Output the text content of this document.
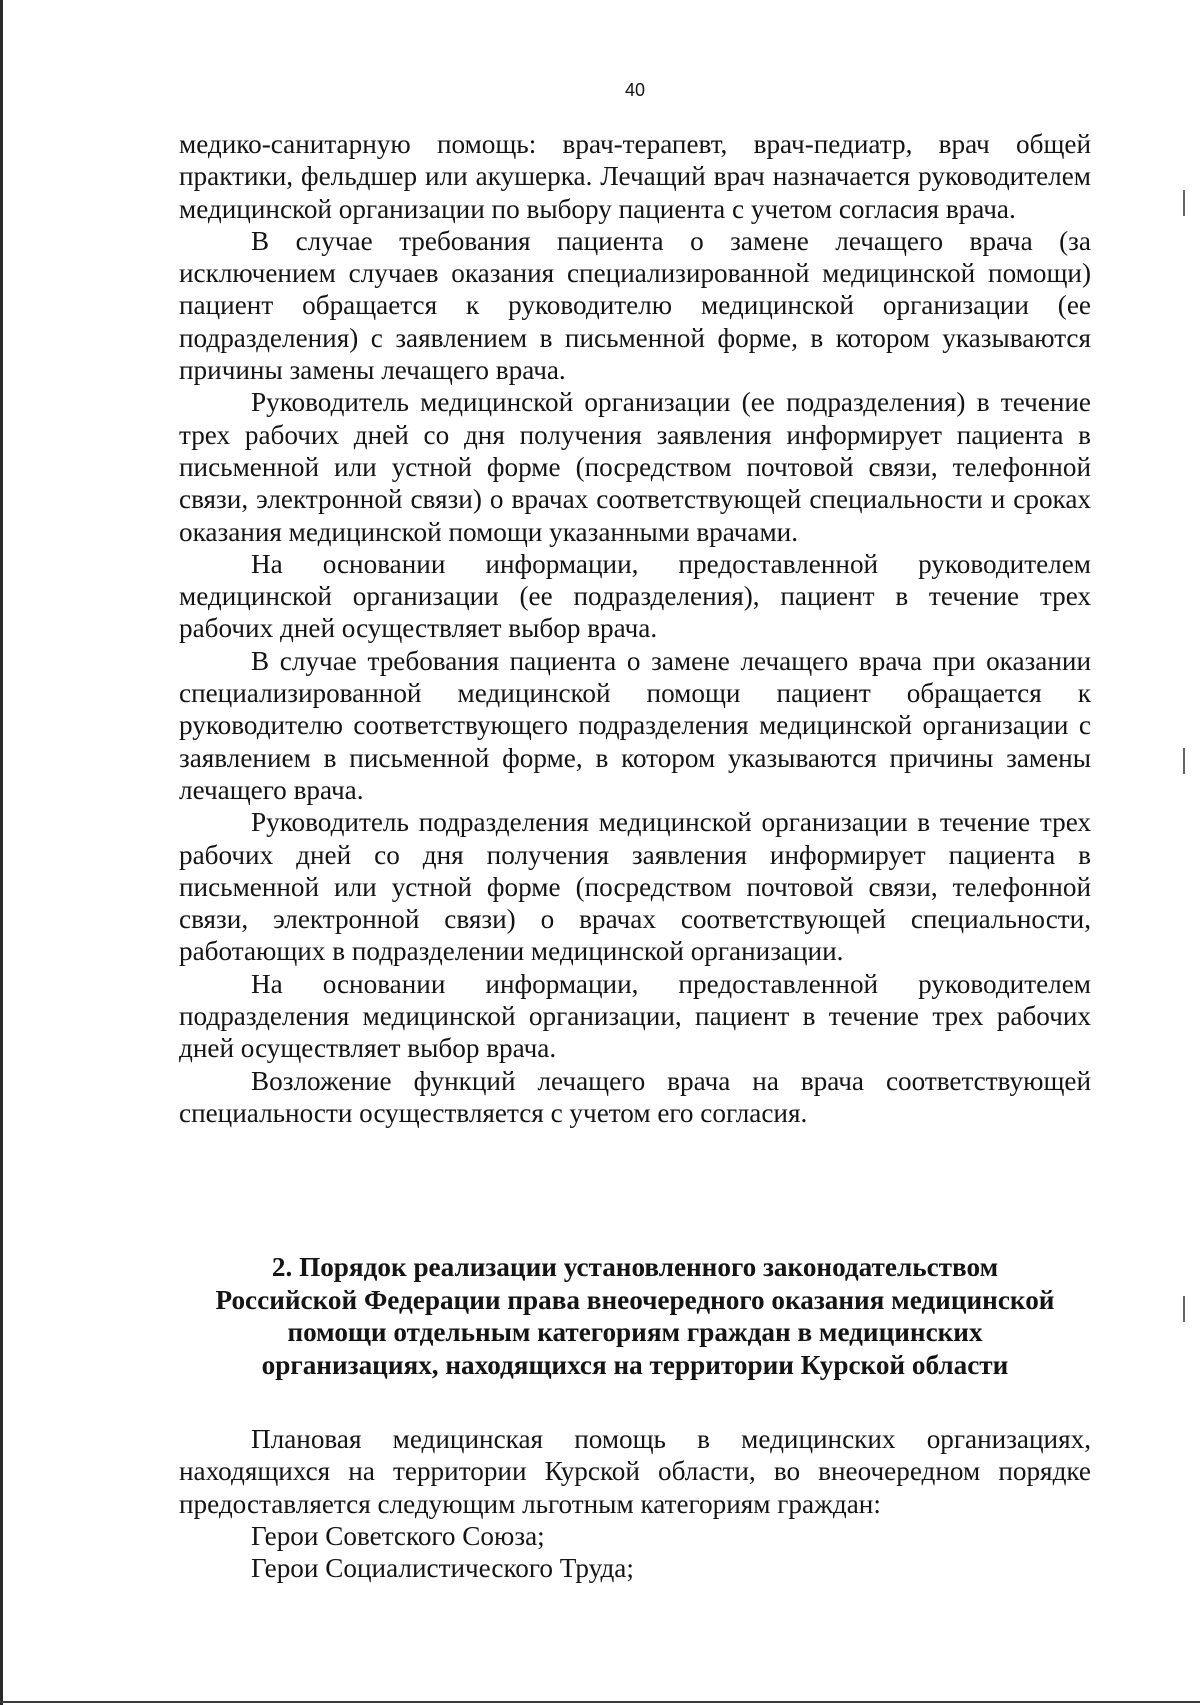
40

медико-санитарную помощь: врач-терапевт, врач-педиатр, врач общей практики, фельдшер или акушерка. Лечащий врач назначается руководителем медицинской организации по выбору пациента с учетом согласия врача.

В случае требования пациента о замене лечащего врача (за исключением случаев оказания специализированной медицинской помощи) пациент обращается к руководителю медицинской организации (ее подразделения) с заявлением в письменной форме, в котором указываются причины замены лечащего врача.

Руководитель медицинской организации (ее подразделения) в течение трех рабочих дней со дня получения заявления информирует пациента в письменной или устной форме (посредством почтовой связи, телефонной связи, электронной связи) о врачах соответствующей специальности и сроках оказания медицинской помощи указанными врачами.

На основании информации, предоставленной руководителем медицинской организации (ее подразделения), пациент в течение трех рабочих дней осуществляет выбор врача.

В случае требования пациента о замене лечащего врача при оказании специализированной медицинской помощи пациент обращается к руководителю соответствующего подразделения медицинской организации с заявлением в письменной форме, в котором указываются причины замены лечащего врача.

Руководитель подразделения медицинской организации в течение трех рабочих дней со дня получения заявления информирует пациента в письменной или устной форме (посредством почтовой связи, телефонной связи, электронной связи) о врачах соответствующей специальности, работающих в подразделении медицинской организации.

На основании информации, предоставленной руководителем подразделения медицинской организации, пациент в течение трех рабочих дней осуществляет выбор врача.

Возложение функций лечащего врача на врача соответствующей специальности осуществляется с учетом его согласия.

2. Порядок реализации установленного законодательством
Российской Федерации права внеочередного оказания медицинской
помощи отдельным категориям граждан в медицинских
организациях, находящихся на территории Курской области

Плановая медицинская помощь в медицинских организациях, находящихся на территории Курской области, во внеочередном порядке предоставляется следующим льготным категориям граждан:

Герои Советского Союза;

Герои Социалистического Труда;
